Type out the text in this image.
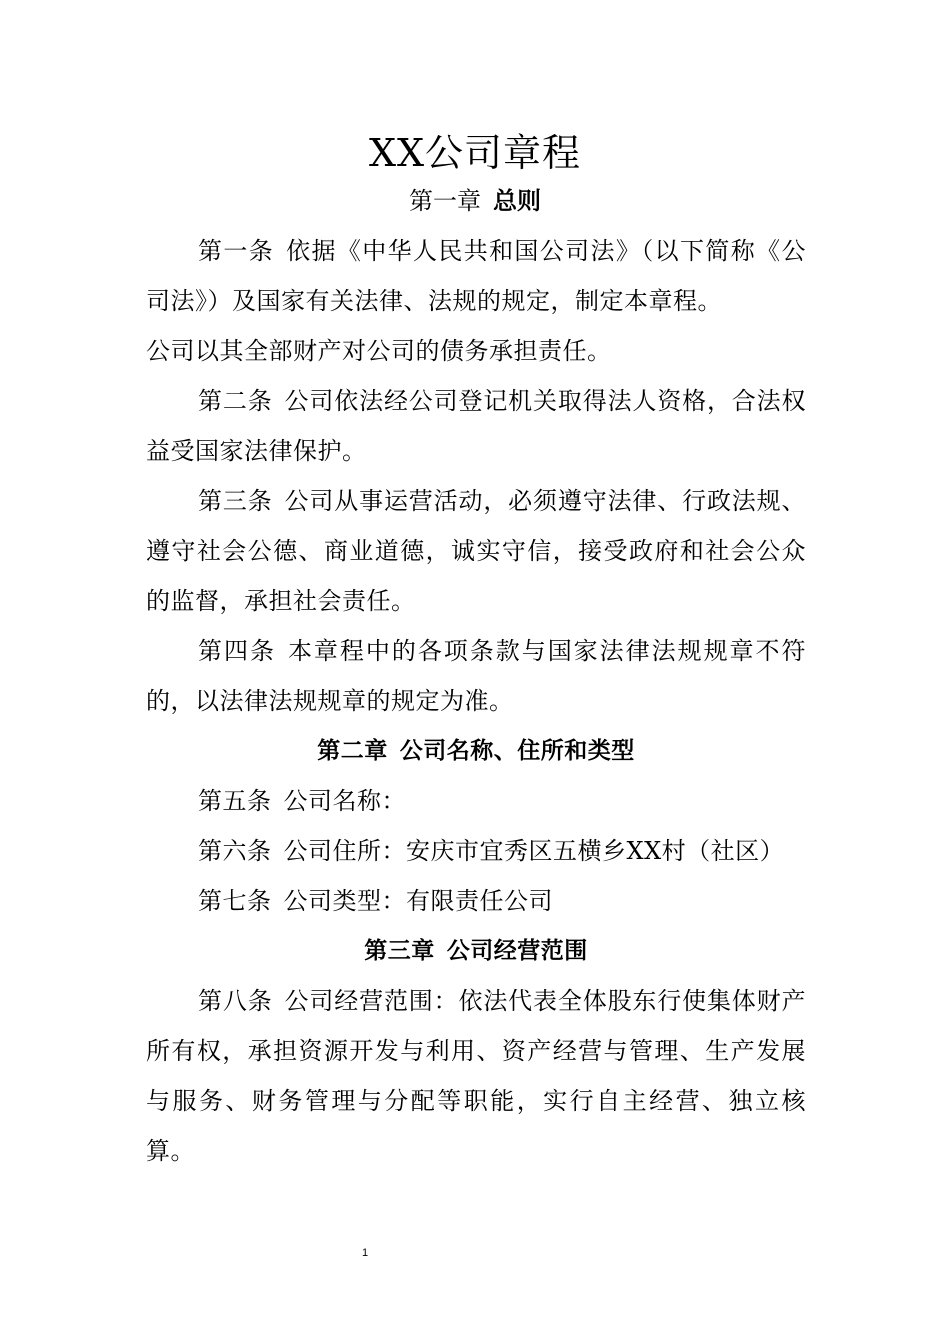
XX公司章程
第一章 总则

第一条 依据《中华人民共和国公司法》（以下简称《公司法》）及国家有关法律、法规的规定，制定本章程。

公司以其全部财产对公司的债务承担责任。

第二条 公司依法经公司登记机关取得法人资格，合法权益受国家法律保护。

第三条 公司从事运营活动，必须遵守法律、行政法规、遵守社会公德、商业道德，诚实守信，接受政府和社会公众的监督，承担社会责任。

第四条 本章程中的各项条款与国家法律法规规章不符的，以法律法规规章的规定为准。

第二章 公司名称、住所和类型

第五条 公司名称：

第六条 公司住所：安庆市宜秀区五横乡XX村（社区）

第七条 公司类型：有限责任公司

第三章 公司经营范围

第八条 公司经营范围：依法代表全体股东行使集体财产所有权，承担资源开发与利用、资产经营与管理、生产发展与服务、财务管理与分配等职能，实行自主经营、独立核算。

1
